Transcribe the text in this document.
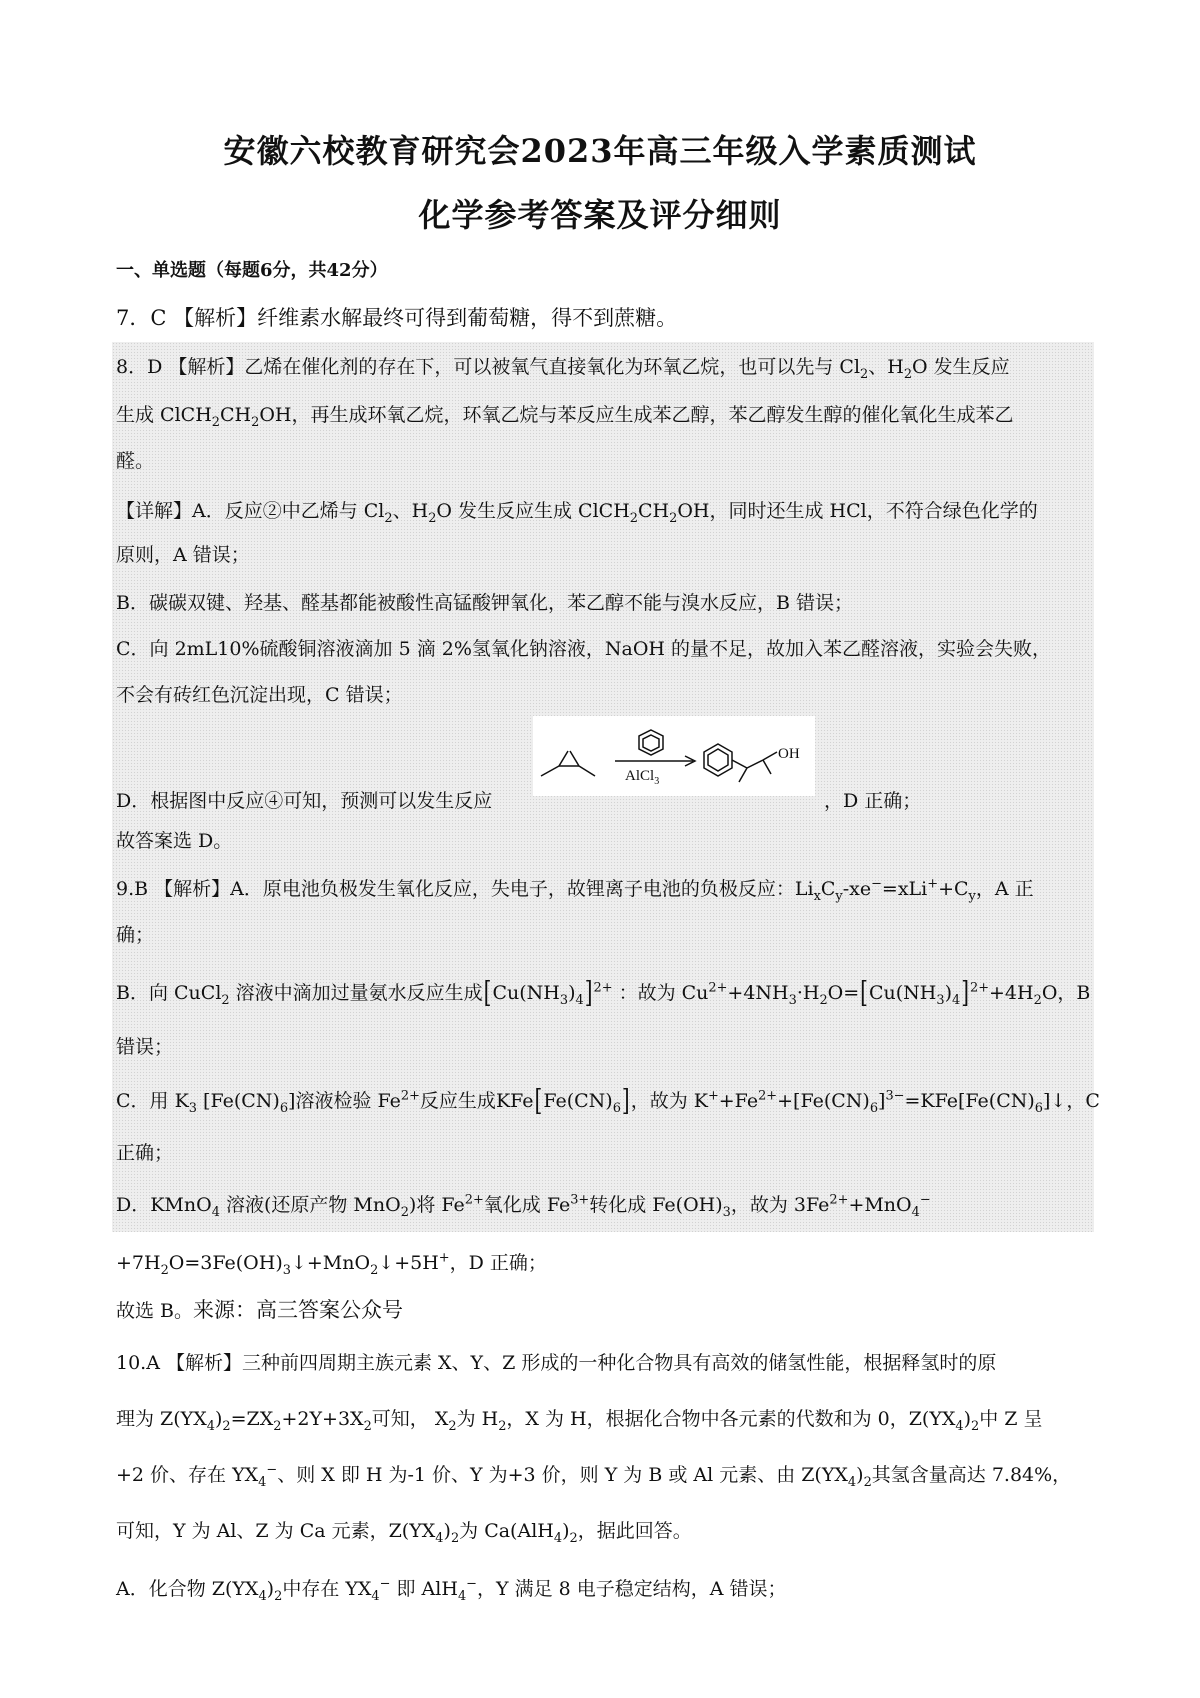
安徽六校教育研究会2023年高三年级入学素质测试
化学参考答案及评分细则
一、单选题（每题6分，共42分）
7．C 【解析】纤维素水解最终可得到葡萄糖，得不到蔗糖。
8．D 【解析】乙烯在催化剂的存在下，可以被氧气直接氧化为环氧乙烷，也可以先与 $Cl_2$、$H_2O$ 发生反应
生成 $ClCH_2CH_2OH$，再生成环氧乙烷，环氧乙烷与苯反应生成苯乙醇，苯乙醇发生醇的催化氧化生成苯乙
醛。
【详解】A．反应②中乙烯与 $Cl_2$、$H_2O$ 发生反应生成 $ClCH_2CH_2OH$，同时还生成 HCl，不符合绿色化学的
原则，A 错误；
B．碳碳双键、羟基、醛基都能被酸性高锰酸钾氧化，苯乙醇不能与溴水反应，B 错误；
C．向 2mL10%硫酸铜溶液滴加 5 滴 2%氢氧化钠溶液，NaOH 的量不足，故加入苯乙醛溶液，实验会失败，
不会有砖红色沉淀出现，C 错误；
D．根据图中反应④可知，预测可以发生反应
AlCl$_3$
OH
，D 正确；
故答案选 D。
9.B 【解析】A．原电池负极发生氧化反应，失电子，故锂离子电池的负极反应：$Li_xC_y-xe^-=xLi^++C_y$，A 正
确；
B．向 CuCl$_2$ 溶液中滴加过量氨水反应生成$[Cu(NH_3)_4]^{2+}$ ：故为 $Cu^{2+}+4NH_3\cdot H_2O=[Cu(NH_3)_4]^{2+}+4H_2O$，B
错误；
C．用 $K_3$ $[Fe(CN)_6]$溶液检验 $Fe^{2+}$反应生成$KFe[Fe(CN)_6]$，故为 $K^++Fe^{2+}+[Fe(CN)_6]^{3-}=KFe[Fe(CN)_6]↓$，C
正确；
D．KMnO$_4$ 溶液(还原产物 MnO$_2$)将 $Fe^{2+}$氧化成 $Fe^{3+}$转化成 $Fe(OH)_3$，故为 $3Fe^{2+}+MnO_4^-$
$+7H_2O=3Fe(OH)_3↓+MnO_2↓+5H^+$，D 正确；
故选 B。来源：高三答案公众号
10.A 【解析】三种前四周期主族元素 X、Y、Z 形成的一种化合物具有高效的储氢性能，根据释氢时的原
理为 $Z(YX_4)_2=ZX_2+2Y+3X_2$可知， $X_2$为 $H_2$，X 为 H，根据化合物中各元素的代数和为 0，$Z(YX_4)_2$中 Z 呈
+2 价、存在 $YX_4^-$、则 X 即 H 为-1 价、Y 为+3 价，则 Y 为 B 或 Al 元素、由 $Z(YX_4)_2$其氢含量高达 7.84%，
可知，Y 为 Al、Z 为 Ca 元素，$Z(YX_4)_2$为 $Ca(AlH_4)_2$，据此回答。
A．化合物 $Z(YX_4)_2$中存在 $YX_4^-$ 即 AlH$_4$−，Y 满足 8 电子稳定结构，A 错误；
